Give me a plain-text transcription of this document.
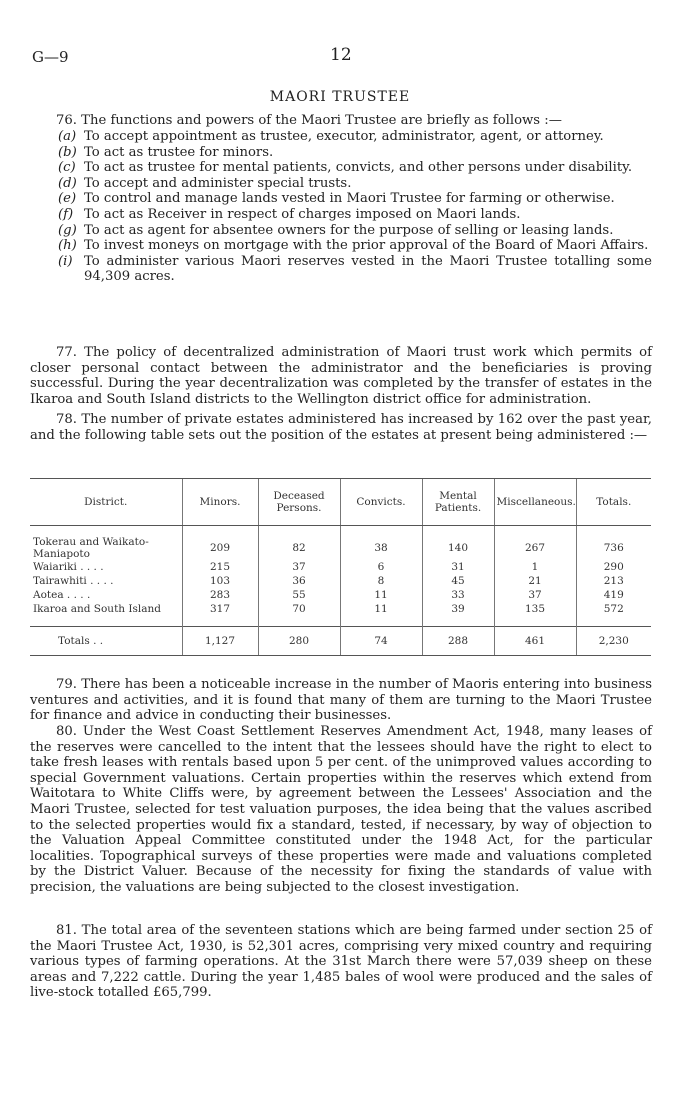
G—9	12
MAORI TRUSTEE

76. The functions and powers of the Maori Trustee are briefly as follows :—

(a) To accept appointment as trustee, executor, administrator, agent, or attorney.
(b) To act as trustee for minors.
(c) To act as trustee for mental patients, convicts, and other persons under disability.
(d) To accept and administer special trusts.
(e) To control and manage lands vested in Maori Trustee for farming or otherwise.
(f) To act as Receiver in respect of charges imposed on Maori lands.
(g) To act as agent for absentee owners for the purpose of selling or leasing lands.
(h) To invest moneys on mortgage with the prior approval of the Board of Maori Affairs.
(i) To administer various Maori reserves vested in the Maori Trustee totalling some 94,309 acres.

77. The policy of decentralized administration of Maori trust work which permits of closer personal contact between the administrator and the beneficiaries is proving successful. During the year decentralization was completed by the transfer of estates in the Ikaroa and South Island districts to the Wellington district office for administration.

78. The number of private estates administered has increased by 162 over the past year, and the following table sets out the position of the estates at present being administered :—

District.	Minors.	Deceased Persons.	Convicts.	Mental Patients.	Miscellaneous.	Totals.

Tokerau and Waikato-Maniapoto	209	82	38	140	267	736
Waiariki . . . .	215	37	6	31	1	290
Tairawhiti . . . .	103	36	8	45	21	213
Aotea . . . .	283	55	11	33	37	419
Ikaroa and South Island	317	70	11	39	135	572

Totals . .	1,127	280	74	288	461	2,230

79. There has been a noticeable increase in the number of Maoris entering into business ventures and activities, and it is found that many of them are turning to the Maori Trustee for finance and advice in conducting their businesses.

80. Under the West Coast Settlement Reserves Amendment Act, 1948, many leases of the reserves were cancelled to the intent that the lessees should have the right to elect to take fresh leases with rentals based upon 5 per cent. of the unimproved values according to special Government valuations. Certain properties within the reserves which extend from Waitotara to White Cliffs were, by agreement between the Lessees' Association and the Maori Trustee, selected for test valuation purposes, the idea being that the values ascribed to the selected properties would fix a standard, tested, if necessary, by way of objection to the Valuation Appeal Committee constituted under the 1948 Act, for the particular localities. Topographical surveys of these properties were made and valuations completed by the District Valuer. Because of the necessity for fixing the standards of value with precision, the valuations are being subjected to the closest investigation.

81. The total area of the seventeen stations which are being farmed under section 25 of the Maori Trustee Act, 1930, is 52,301 acres, comprising very mixed country and requiring various types of farming operations. At the 31st March there were 57,039 sheep on these areas and 7,222 cattle. During the year 1,485 bales of wool were produced and the sales of live-stock totalled £65,799.
